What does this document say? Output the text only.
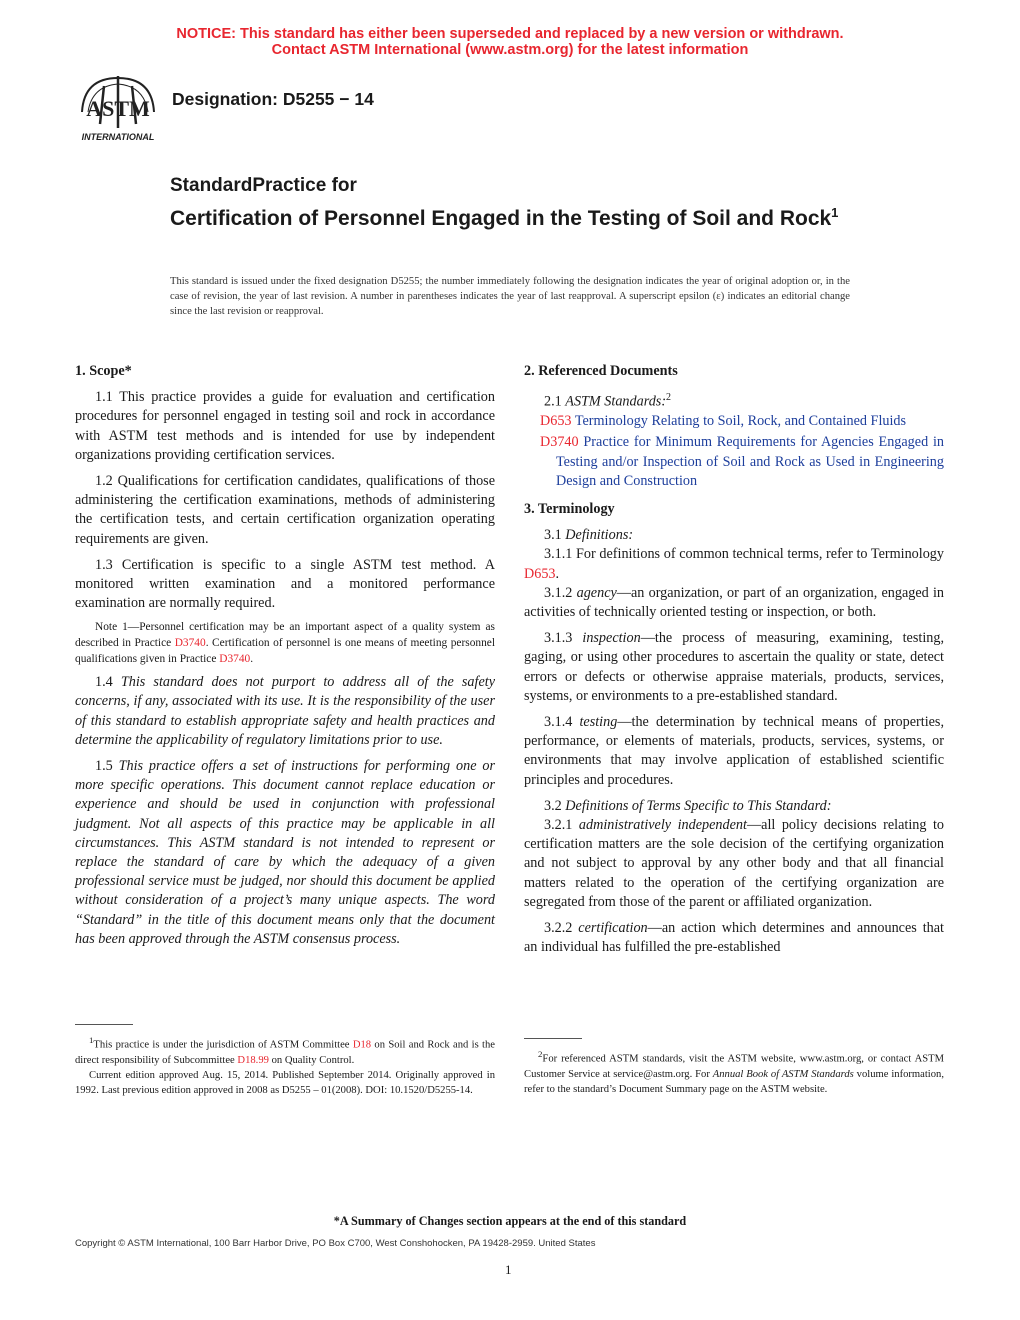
NOTICE: This standard has either been superseded and replaced by a new version or withdrawn.
Contact ASTM International (www.astm.org) for the latest information
ASTM
INTERNATIONAL
Designation: D5255 − 14
StandardPractice for
Certification of Personnel Engaged in the Testing of Soil and Rock$^1$
This standard is issued under the fixed designation D5255; the number immediately following the designation indicates the year of original adoption or, in the case of revision, the year of last revision. A number in parentheses indicates the year of last reapproval. A superscript epsilon (ε) indicates an editorial change since the last revision or reapproval.
1. Scope*

1.1 This practice provides a guide for evaluation and certification procedures for personnel engaged in testing soil and rock in accordance with ASTM test methods and is intended for use by independent organizations providing certification services.

1.2 Qualifications for certification candidates, qualifications of those administering the certification examinations, methods of administering the certification tests, and certain certification organization operating requirements are given.

1.3 Certification is specific to a single ASTM test method. A monitored written examination and a monitored performance examination are normally required.

Note 1—Personnel certification may be an important aspect of a quality system as described in Practice D3740. Certification of personnel is one means of meeting personnel qualifications given in Practice D3740.

1.4 This standard does not purport to address all of the safety concerns, if any, associated with its use. It is the responsibility of the user of this standard to establish appropriate safety and health practices and determine the applicability of regulatory limitations prior to use.

1.5 This practice offers a set of instructions for performing one or more specific operations. This document cannot replace education or experience and should be used in conjunction with professional judgment. Not all aspects of this practice may be applicable in all circumstances. This ASTM standard is not intended to represent or replace the standard of care by which the adequacy of a given professional service must be judged, nor should this document be applied without consideration of a project’s many unique aspects. The word “Standard” in the title of this document means only that the document has been approved through the ASTM consensus process.

$^1$This practice is under the jurisdiction of ASTM Committee D18 on Soil and Rock and is the direct responsibility of Subcommittee D18.99 on Quality Control.

Current edition approved Aug. 15, 2014. Published September 2014. Originally approved in 1992. Last previous edition approved in 2008 as D5255 – 01(2008). DOI: 10.1520/D5255-14.

2. Referenced Documents

2.1 ASTM Standards:$^2$

D653 Terminology Relating to Soil, Rock, and Contained Fluids

D3740 Practice for Minimum Requirements for Agencies Engaged in Testing and/or Inspection of Soil and Rock as Used in Engineering Design and Construction

3. Terminology

3.1 Definitions:

3.1.1 For definitions of common technical terms, refer to Terminology D653.

3.1.2 agency—an organization, or part of an organization, engaged in activities of technically oriented testing or inspection, or both.

3.1.3 inspection—the process of measuring, examining, testing, gaging, or using other procedures to ascertain the quality or state, detect errors or defects or otherwise appraise materials, products, services, systems, or environments to a pre-established standard.

3.1.4 testing—the determination by technical means of properties, performance, or elements of materials, products, services, systems, or environments that may involve application of established scientific principles and procedures.

3.2 Definitions of Terms Specific to This Standard:

3.2.1 administratively independent—all policy decisions relating to certification matters are the sole decision of the certifying organization and not subject to approval by any other body and that all financial matters related to the operation of the certifying organization are segregated from those of the parent or affiliated organization.

3.2.2 certification—an action which determines and announces that an individual has fulfilled the pre-established

$^2$For referenced ASTM standards, visit the ASTM website, www.astm.org, or contact ASTM Customer Service at service@astm.org. For Annual Book of ASTM Standards volume information, refer to the standard’s Document Summary page on the ASTM website.

*A Summary of Changes section appears at the end of this standard
Copyright © ASTM International, 100 Barr Harbor Drive, PO Box C700, West Conshohocken, PA 19428-2959. United States
1
